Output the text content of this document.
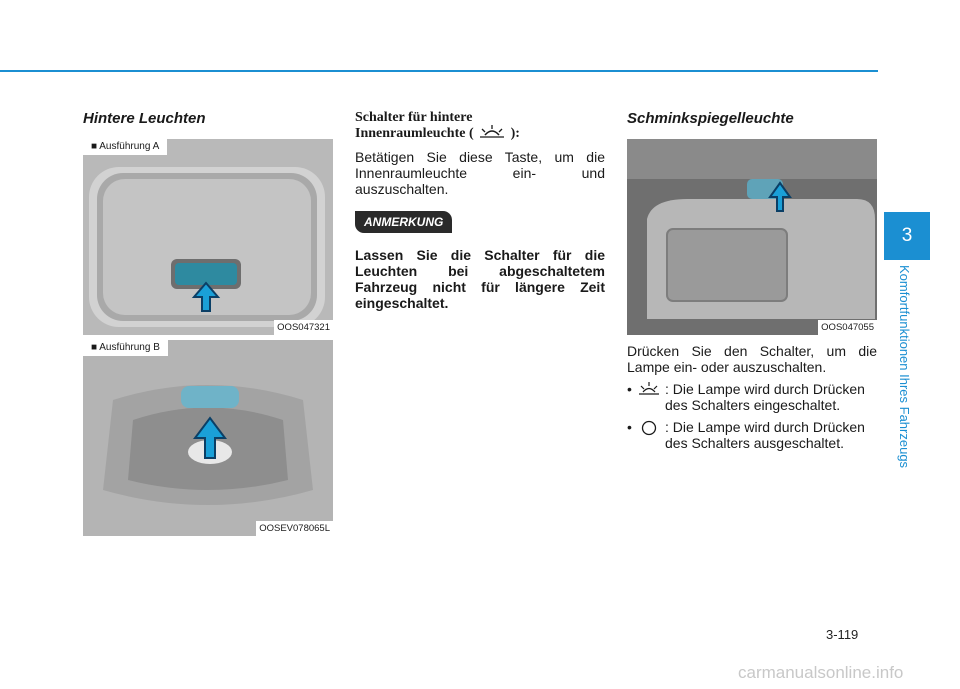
Hintere Leuchten
■ Ausführung A
OOS047321
■ Ausführung B
OOSEV078065L
Schalter für hintere
Innenraumleuchte (	):
Betätigen Sie diese Taste, um die Innenraumleuchte ein- und auszuschalten.
ANMERKUNG
Lassen Sie die Schalter für die Leuchten bei abgeschaltetem Fahrzeug nicht für längere Zeit eingeschaltet.
Schminkspiegelleuchte
OOS047055
Drücken Sie den Schalter, um die Lampe ein- oder auszuschalten.
• : Die Lampe wird durch Drücken des Schalters eingeschaltet.
• : Die Lampe wird durch Drücken des Schalters ausgeschaltet.
3
Komfortfunktionen Ihres Fahrzeugs
3-119
carmanualsonline.info
